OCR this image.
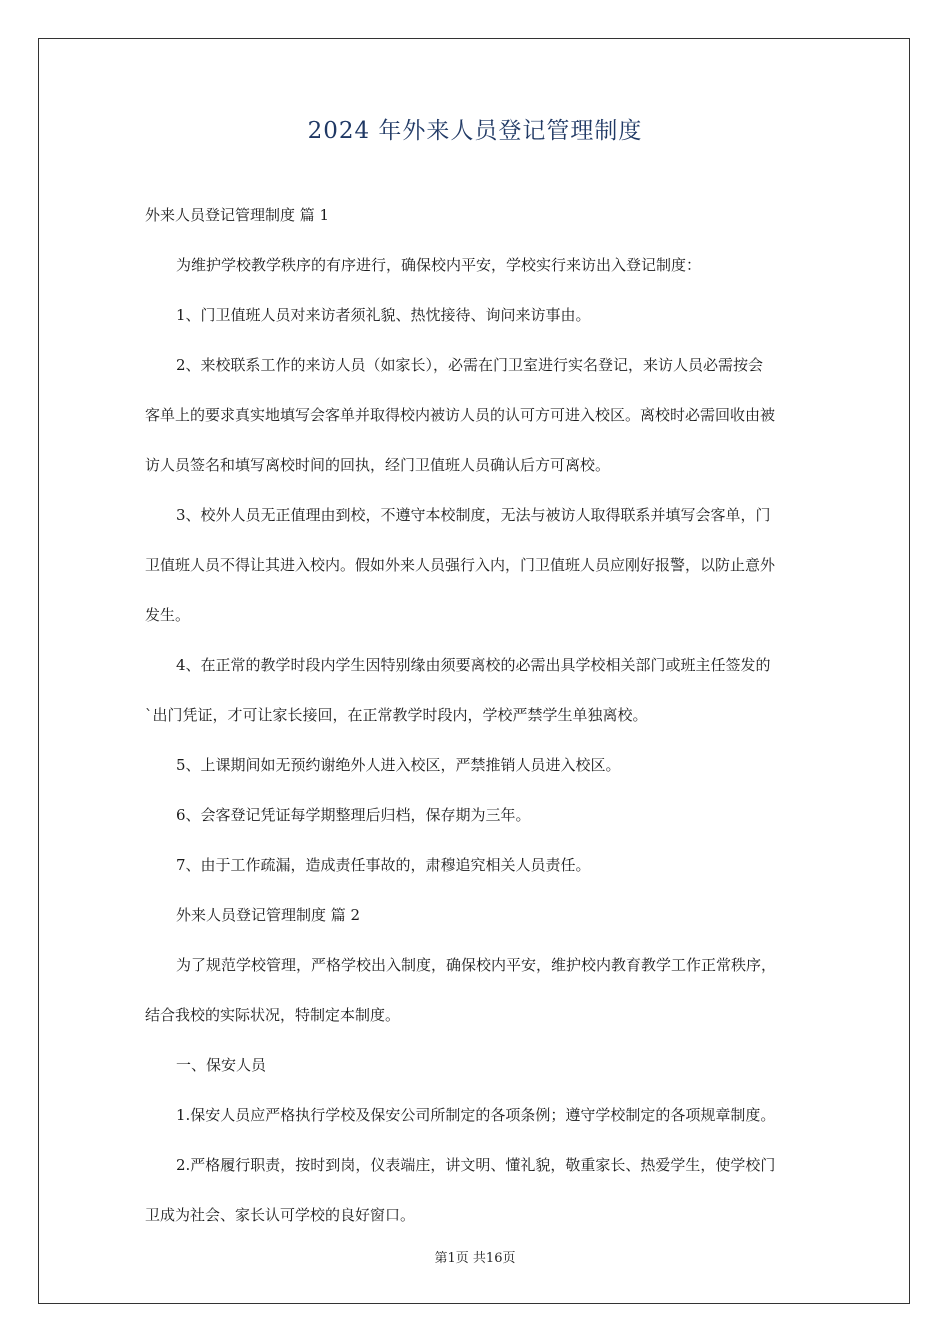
2024 年外来人员登记管理制度
外来人员登记管理制度 篇 1
为维护学校教学秩序的有序进行，确保校内平安，学校实行来访出入登记制度：
1、门卫值班人员对来访者须礼貌、热忱接待、询问来访事由。
2、来校联系工作的来访人员（如家长），必需在门卫室进行实名登记，来访人员必需按会
客单上的要求真实地填写会客单并取得校内被访人员的认可方可进入校区。离校时必需回收由被
访人员签名和填写离校时间的回执，经门卫值班人员确认后方可离校。
3、校外人员无正值理由到校，不遵守本校制度，无法与被访人取得联系并填写会客单，门
卫值班人员不得让其进入校内。假如外来人员强行入内，门卫值班人员应刚好报警，以防止意外
发生。
4、在正常的教学时段内学生因特别缘由须要离校的必需出具学校相关部门或班主任签发的
`出门凭证，才可让家长接回，在正常教学时段内，学校严禁学生单独离校。
5、上课期间如无预约谢绝外人进入校区，严禁推销人员进入校区。
6、会客登记凭证每学期整理后归档，保存期为三年。
7、由于工作疏漏，造成责任事故的，肃穆追究相关人员责任。
外来人员登记管理制度 篇 2
为了规范学校管理，严格学校出入制度，确保校内平安，维护校内教育教学工作正常秩序，
结合我校的实际状况，特制定本制度。
一、保安人员
1.保安人员应严格执行学校及保安公司所制定的各项条例；遵守学校制定的各项规章制度。
2.严格履行职责，按时到岗，仪表端庄，讲文明、懂礼貌，敬重家长、热爱学生，使学校门
卫成为社会、家长认可学校的良好窗口。
第1页 共16页
